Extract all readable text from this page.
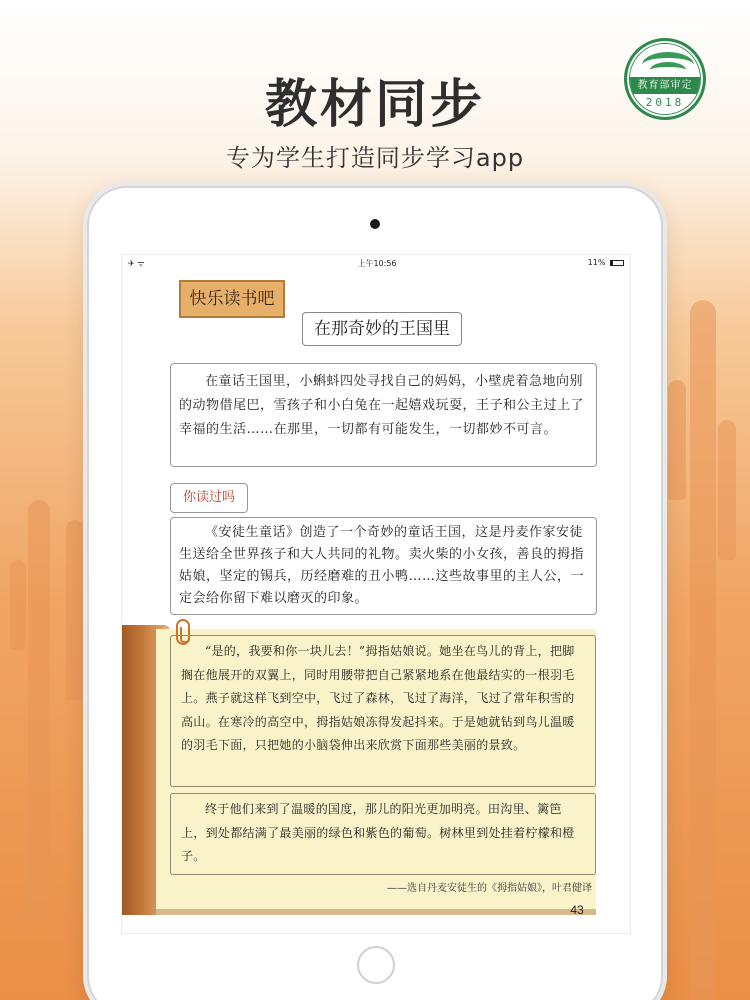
教材同步
专为学生打造同步学习app
教育部审定
2018
✈ ᯤ	上午10:56	11%
快乐读书吧
在那奇妙的王国里
在童话王国里，小蝌蚪四处寻找自己的妈妈，小壁虎着急地向别的动物借尾巴，雪孩子和小白兔在一起嬉戏玩耍，王子和公主过上了幸福的生活……在那里，一切都有可能发生，一切都妙不可言。
你读过吗
《安徒生童话》创造了一个奇妙的童话王国，这是丹麦作家安徒生送给全世界孩子和大人共同的礼物。卖火柴的小女孩，善良的拇指姑娘，坚定的锡兵，历经磨难的丑小鸭……这些故事里的主人公，一定会给你留下难以磨灭的印象。
“是的，我要和你一块儿去！”拇指姑娘说。她坐在鸟儿的背上，把脚搁在他展开的双翼上，同时用腰带把自己紧紧地系在他最结实的一根羽毛上。燕子就这样飞到空中，飞过了森林，飞过了海洋，飞过了常年积雪的高山。在寒冷的高空中，拇指姑娘冻得发起抖来。于是她就钻到鸟儿温暖的羽毛下面，只把她的小脑袋伸出来欣赏下面那些美丽的景致。
终于他们来到了温暖的国度，那儿的阳光更加明亮。田沟里、篱笆上，到处都结满了最美丽的绿色和紫色的葡萄。树林里到处挂着柠檬和橙子。
——选自丹麦安徒生的《拇指姑娘》，叶君健译
43
